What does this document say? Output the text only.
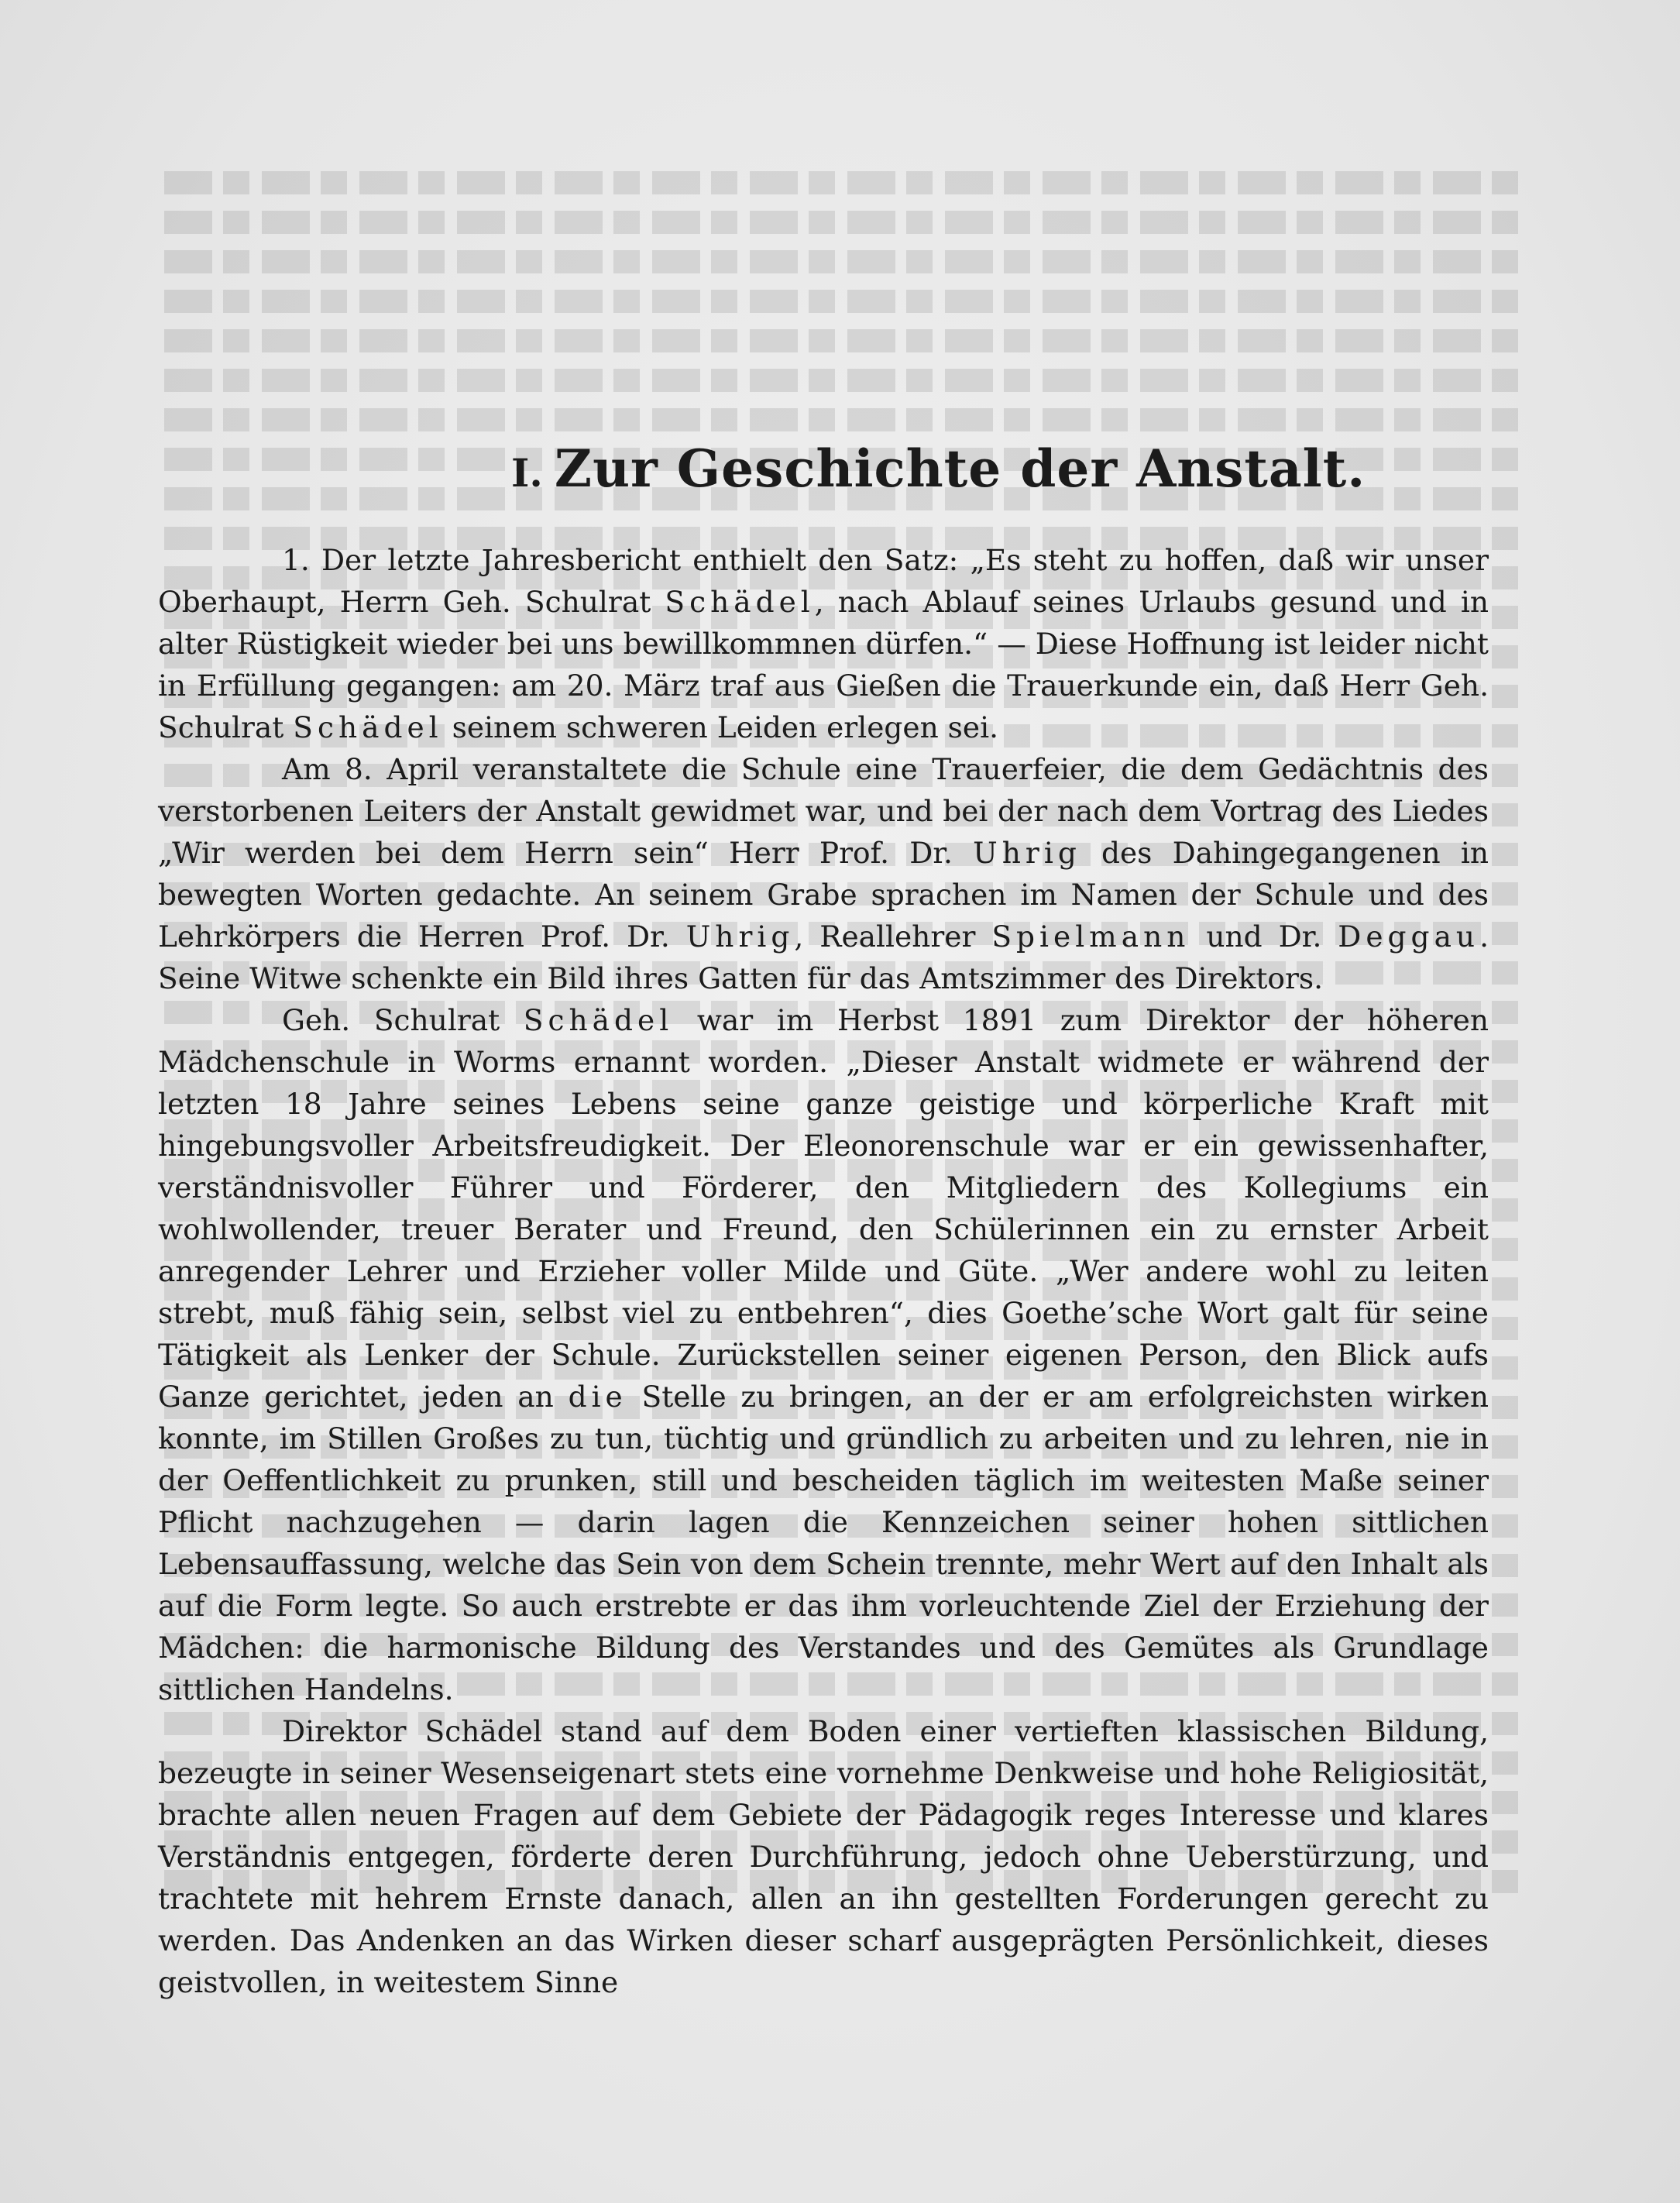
I. Zur Geschichte der Anstalt.

1. Der letzte Jahresbericht enthielt den Satz: „Es steht zu hoffen, daß wir unser Oberhaupt, Herrn Geh. Schulrat Schädel, nach Ablauf seines Urlaubs gesund und in alter Rüstigkeit wieder bei uns bewillkommnen dürfen.“ — Diese Hoffnung ist leider nicht in Erfüllung gegangen: am 20. März traf aus Gießen die Trauerkunde ein, daß Herr Geh. Schulrat Schädel seinem schweren Leiden erlegen sei.

Am 8. April veranstaltete die Schule eine Trauerfeier, die dem Gedächtnis des verstorbenen Leiters der Anstalt gewidmet war, und bei der nach dem Vortrag des Liedes „Wir werden bei dem Herrn sein“ Herr Prof. Dr. Uhrig des Dahingegangenen in bewegten Worten gedachte. An seinem Grabe sprachen im Namen der Schule und des Lehrkörpers die Herren Prof. Dr. Uhrig, Reallehrer Spielmann und Dr. Deggau. Seine Witwe schenkte ein Bild ihres Gatten für das Amtszimmer des Direktors.

Geh. Schulrat Schädel war im Herbst 1891 zum Direktor der höheren Mädchenschule in Worms ernannt worden. „Dieser Anstalt widmete er während der letzten 18 Jahre seines Lebens seine ganze geistige und körperliche Kraft mit hingebungsvoller Arbeitsfreudigkeit. Der Eleonorenschule war er ein gewissenhafter, verständnisvoller Führer und Förderer, den Mitgliedern des Kollegiums ein wohlwollender, treuer Berater und Freund, den Schülerinnen ein zu ernster Arbeit anregender Lehrer und Erzieher voller Milde und Güte. „Wer andere wohl zu leiten strebt, muß fähig sein, selbst viel zu entbehren“, dies Goethe’sche Wort galt für seine Tätigkeit als Lenker der Schule. Zurückstellen seiner eigenen Person, den Blick aufs Ganze gerichtet, jeden an die Stelle zu bringen, an der er am erfolgreichsten wirken konnte, im Stillen Großes zu tun, tüchtig und gründlich zu arbeiten und zu lehren, nie in der Oeffentlichkeit zu prunken, still und bescheiden täglich im weitesten Maße seiner Pflicht nachzugehen — darin lagen die Kennzeichen seiner hohen sittlichen Lebensauffassung, welche das Sein von dem Schein trennte, mehr Wert auf den Inhalt als auf die Form legte. So auch erstrebte er das ihm vorleuchtende Ziel der Erziehung der Mädchen: die harmonische Bildung des Verstandes und des Gemütes als Grundlage sittlichen Handelns.

Direktor Schädel stand auf dem Boden einer vertieften klassischen Bildung, bezeugte in seiner Wesenseigenart stets eine vornehme Denkweise und hohe Religiosität, brachte allen neuen Fragen auf dem Gebiete der Pädagogik reges Interesse und klares Verständnis entgegen, förderte deren Durchführung, jedoch ohne Ueberstürzung, und trachtete mit hehrem Ernste danach, allen an ihn gestellten Forderungen gerecht zu werden. Das Andenken an das Wirken dieser scharf ausgeprägten Persönlichkeit, dieses geistvollen, in weitestem Sinne
